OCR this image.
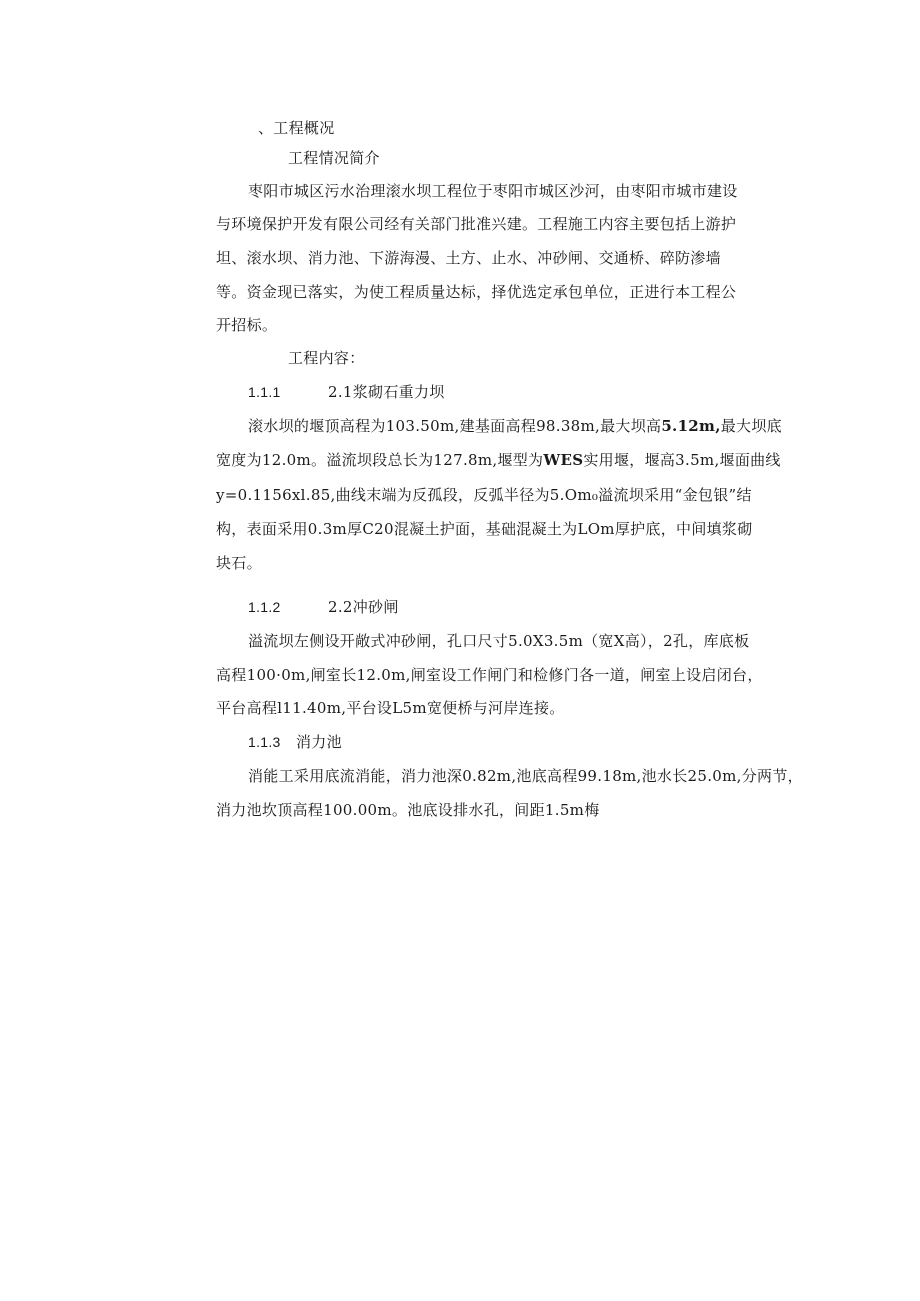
、工程概况
工程情况简介
枣阳市城区污水治理滚水坝工程位于枣阳市城区沙河，由枣阳市城市建设
与环境保护开发有限公司经有关部门批准兴建。工程施工内容主要包括上游护
坦、滚水坝、消力池、下游海漫、土方、止水、冲砂闸、交通桥、碎防渗墙
等。资金现已落实，为使工程质量达标，择优选定承包单位，正进行本工程公
开招标。
工程内容：
1.1.1	2.1浆砌石重力坝
滚水坝的堰顶高程为103.50m,建基面高程98.38m,最大坝高5.12m,最大坝底
宽度为12.0m。溢流坝段总长为127.8m,堰型为WES实用堰，堰高3.5m,堰面曲线
y=0.1156xl.85,曲线末端为反孤段，反弧半径为5.Om₀溢流坝采用“金包银”结
构，表面采用0.3m厚C20混凝土护面，基础混凝土为LOm厚护底，中间填浆砌
块石。
1.1.2	2.2冲砂闸
溢流坝左侧设开敞式冲砂闸，孔口尺寸5.0X3.5m（宽X高），2孔，库底板
高程100·0m,闸室长12.0m,闸室设工作闸门和检修门各一道，闸室上设启闭台，
平台高程l11.40m,平台设L5m宽便桥与河岸连接。
1.1.3 消力池
消能工采用底流消能，消力池深0.82m,池底高程99.18m,池水长25.0m,分两节，
消力池坎顶高程100.00m。池底设排水孔，间距1.5m梅
